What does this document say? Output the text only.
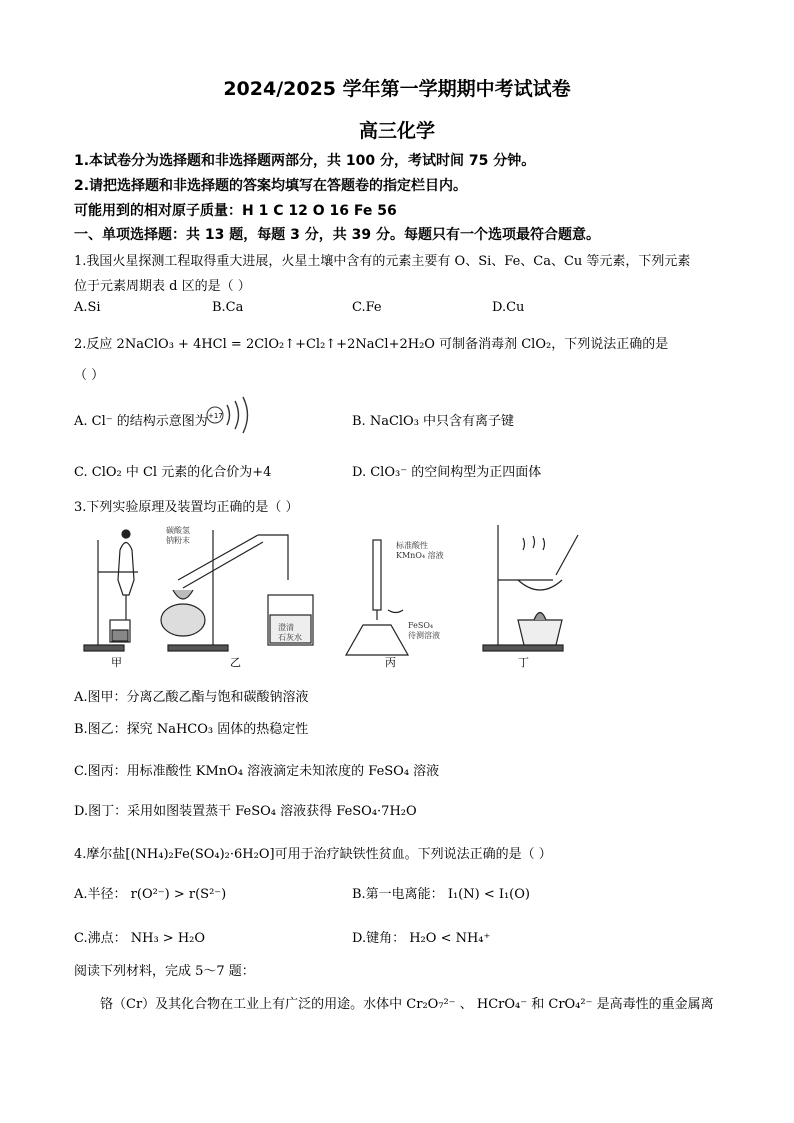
2024/2025 学年第一学期期中考试试卷
高三化学
1.本试卷分为选择题和非选择题两部分，共 100 分，考试时间 75 分钟。
2.请把选择题和非选择题的答案均填写在答题卷的指定栏目内。
可能用到的相对原子质量：H 1 C 12 O 16 Fe 56
一、单项选择题：共 13 题，每题 3 分，共 39 分。每题只有一个选项最符合题意。
1.我国火星探测工程取得重大进展，火星土壤中含有的元素主要有 O、Si、Fe、Ca、Cu 等元素，下列元素
位于元素周期表 d 区的是（ ）
A.Si	B.Ca	C.Fe	D.Cu
2.反应 2NaClO₃ + 4HCl = 2ClO₂↑+Cl₂↑+2NaCl+2H₂O 可制备消毒剂 ClO₂，下列说法正确的是
（ ）
A. Cl⁻ 的结构示意图为 +17	B. NaClO₃ 中只含有离子键
C. ClO₂ 中 Cl 元素的化合价为+4	D. ClO₃⁻ 的空间构型为正四面体
3.下列实验原理及装置均正确的是（ ）
澄清
石灰水
碳酸氢
钠粉末
标准酸性
KMnO₄ 溶液
FeSO₄
待测溶液
甲	乙	丙	丁
A.图甲：分离乙酸乙酯与饱和碳酸钠溶液
B.图乙：探究 NaHCO₃ 固体的热稳定性
C.图丙：用标准酸性 KMnO₄ 溶液滴定未知浓度的 FeSO₄ 溶液
D.图丁：采用如图装置蒸干 FeSO₄ 溶液获得 FeSO₄·7H₂O
4.摩尔盐[(NH₄)₂Fe(SO₄)₂·6H₂O]可用于治疗缺铁性贫血。下列说法正确的是（ ）
A.半径： r(O²⁻) > r(S²⁻)	B.第一电离能： I₁(N) < I₁(O)
C.沸点： NH₃ > H₂O	D.键角： H₂O < NH₄⁺
阅读下列材料，完成 5～7 题：
铬（Cr）及其化合物在工业上有广泛的用途。水体中 Cr₂O₇²⁻ 、 HCrO₄⁻ 和 CrO₄²⁻ 是高毒性的重金属离
